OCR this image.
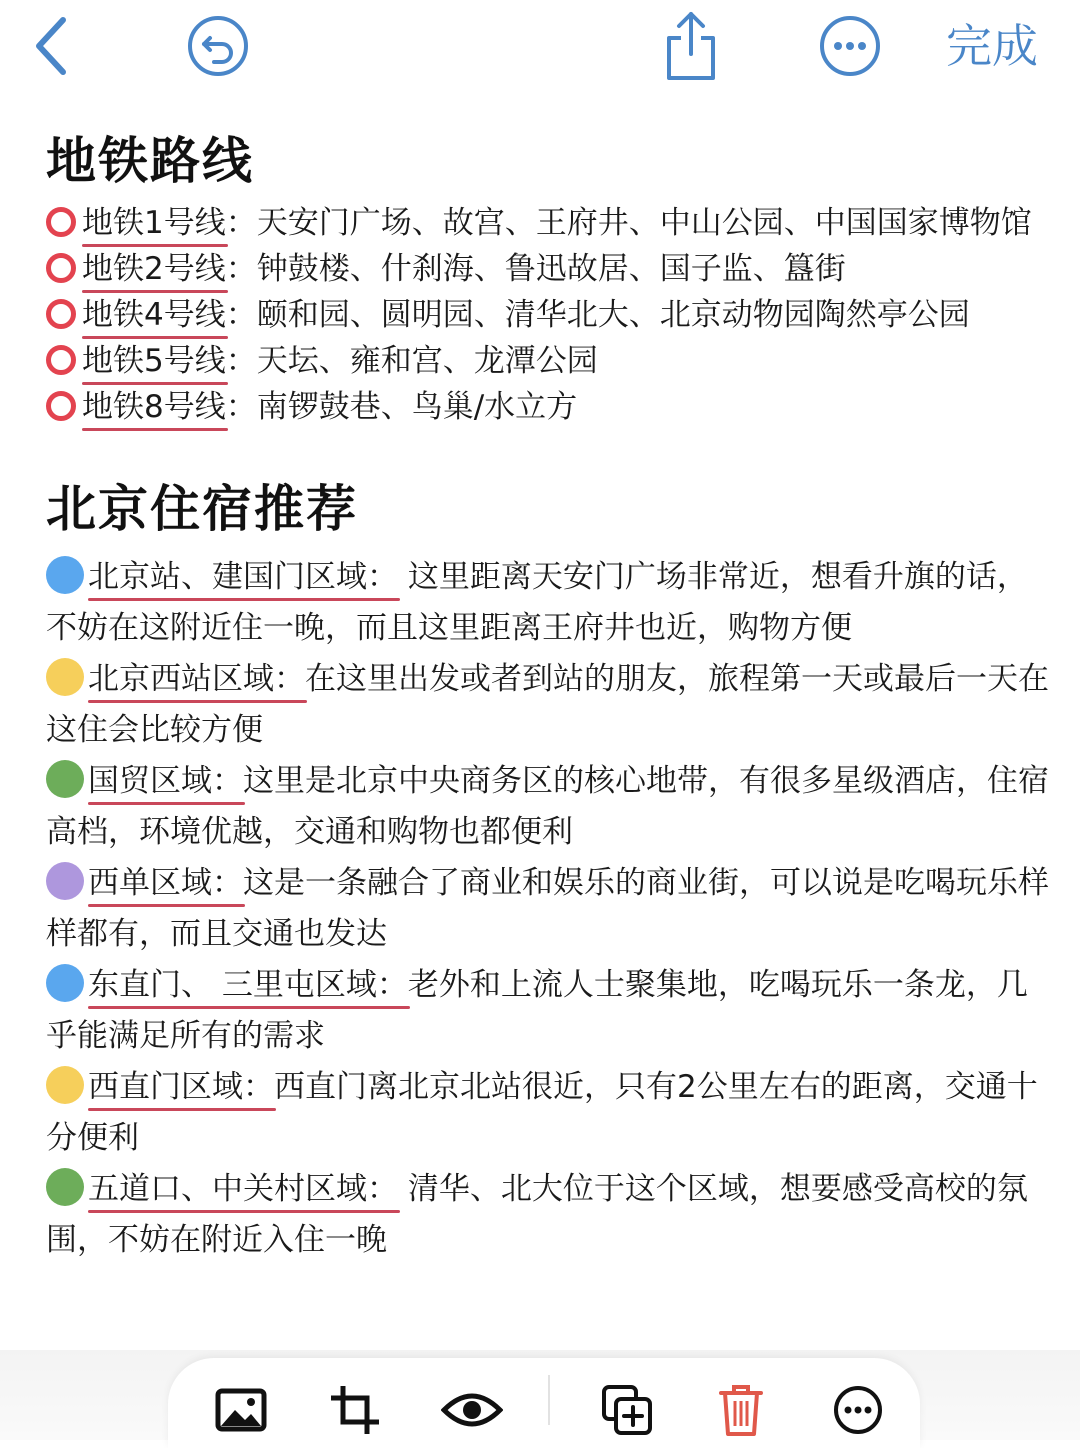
完成
地铁路线
地铁1号线：天安门广场、故宫、王府井、中山公园、中国国家博物馆
地铁2号线：钟鼓楼、什刹海、鲁迅故居、国子监、簋街
地铁4号线：颐和园、圆明园、清华北大、北京动物园陶然亭公园
地铁5号线：天坛、雍和宫、龙潭公园
地铁8号线：南锣鼓巷、鸟巢/水立方
北京住宿推荐

北京站、建国门区域： 这里距离天安门广场非常近，想看升旗的话，不妨在这附近住一晚，而且这里距离王府井也近，购物方便

北京西站区域：在这里出发或者到站的朋友，旅程第一天或最后一天在这住会比较方便

国贸区域：这里是北京中央商务区的核心地带，有很多星级酒店，住宿高档，环境优越，交通和购物也都便利

西单区域：这是一条融合了商业和娱乐的商业街，可以说是吃喝玩乐样样都有，而且交通也发达

东直门、 三里屯区域：老外和上流人士聚集地，吃喝玩乐一条龙，几乎能满足所有的需求

西直门区域：西直门离北京北站很近，只有2公里左右的距离，交通十分便利

五道口、中关村区域： 清华、北大位于这个区域，想要感受高校的氛围，不妨在附近入住一晚
